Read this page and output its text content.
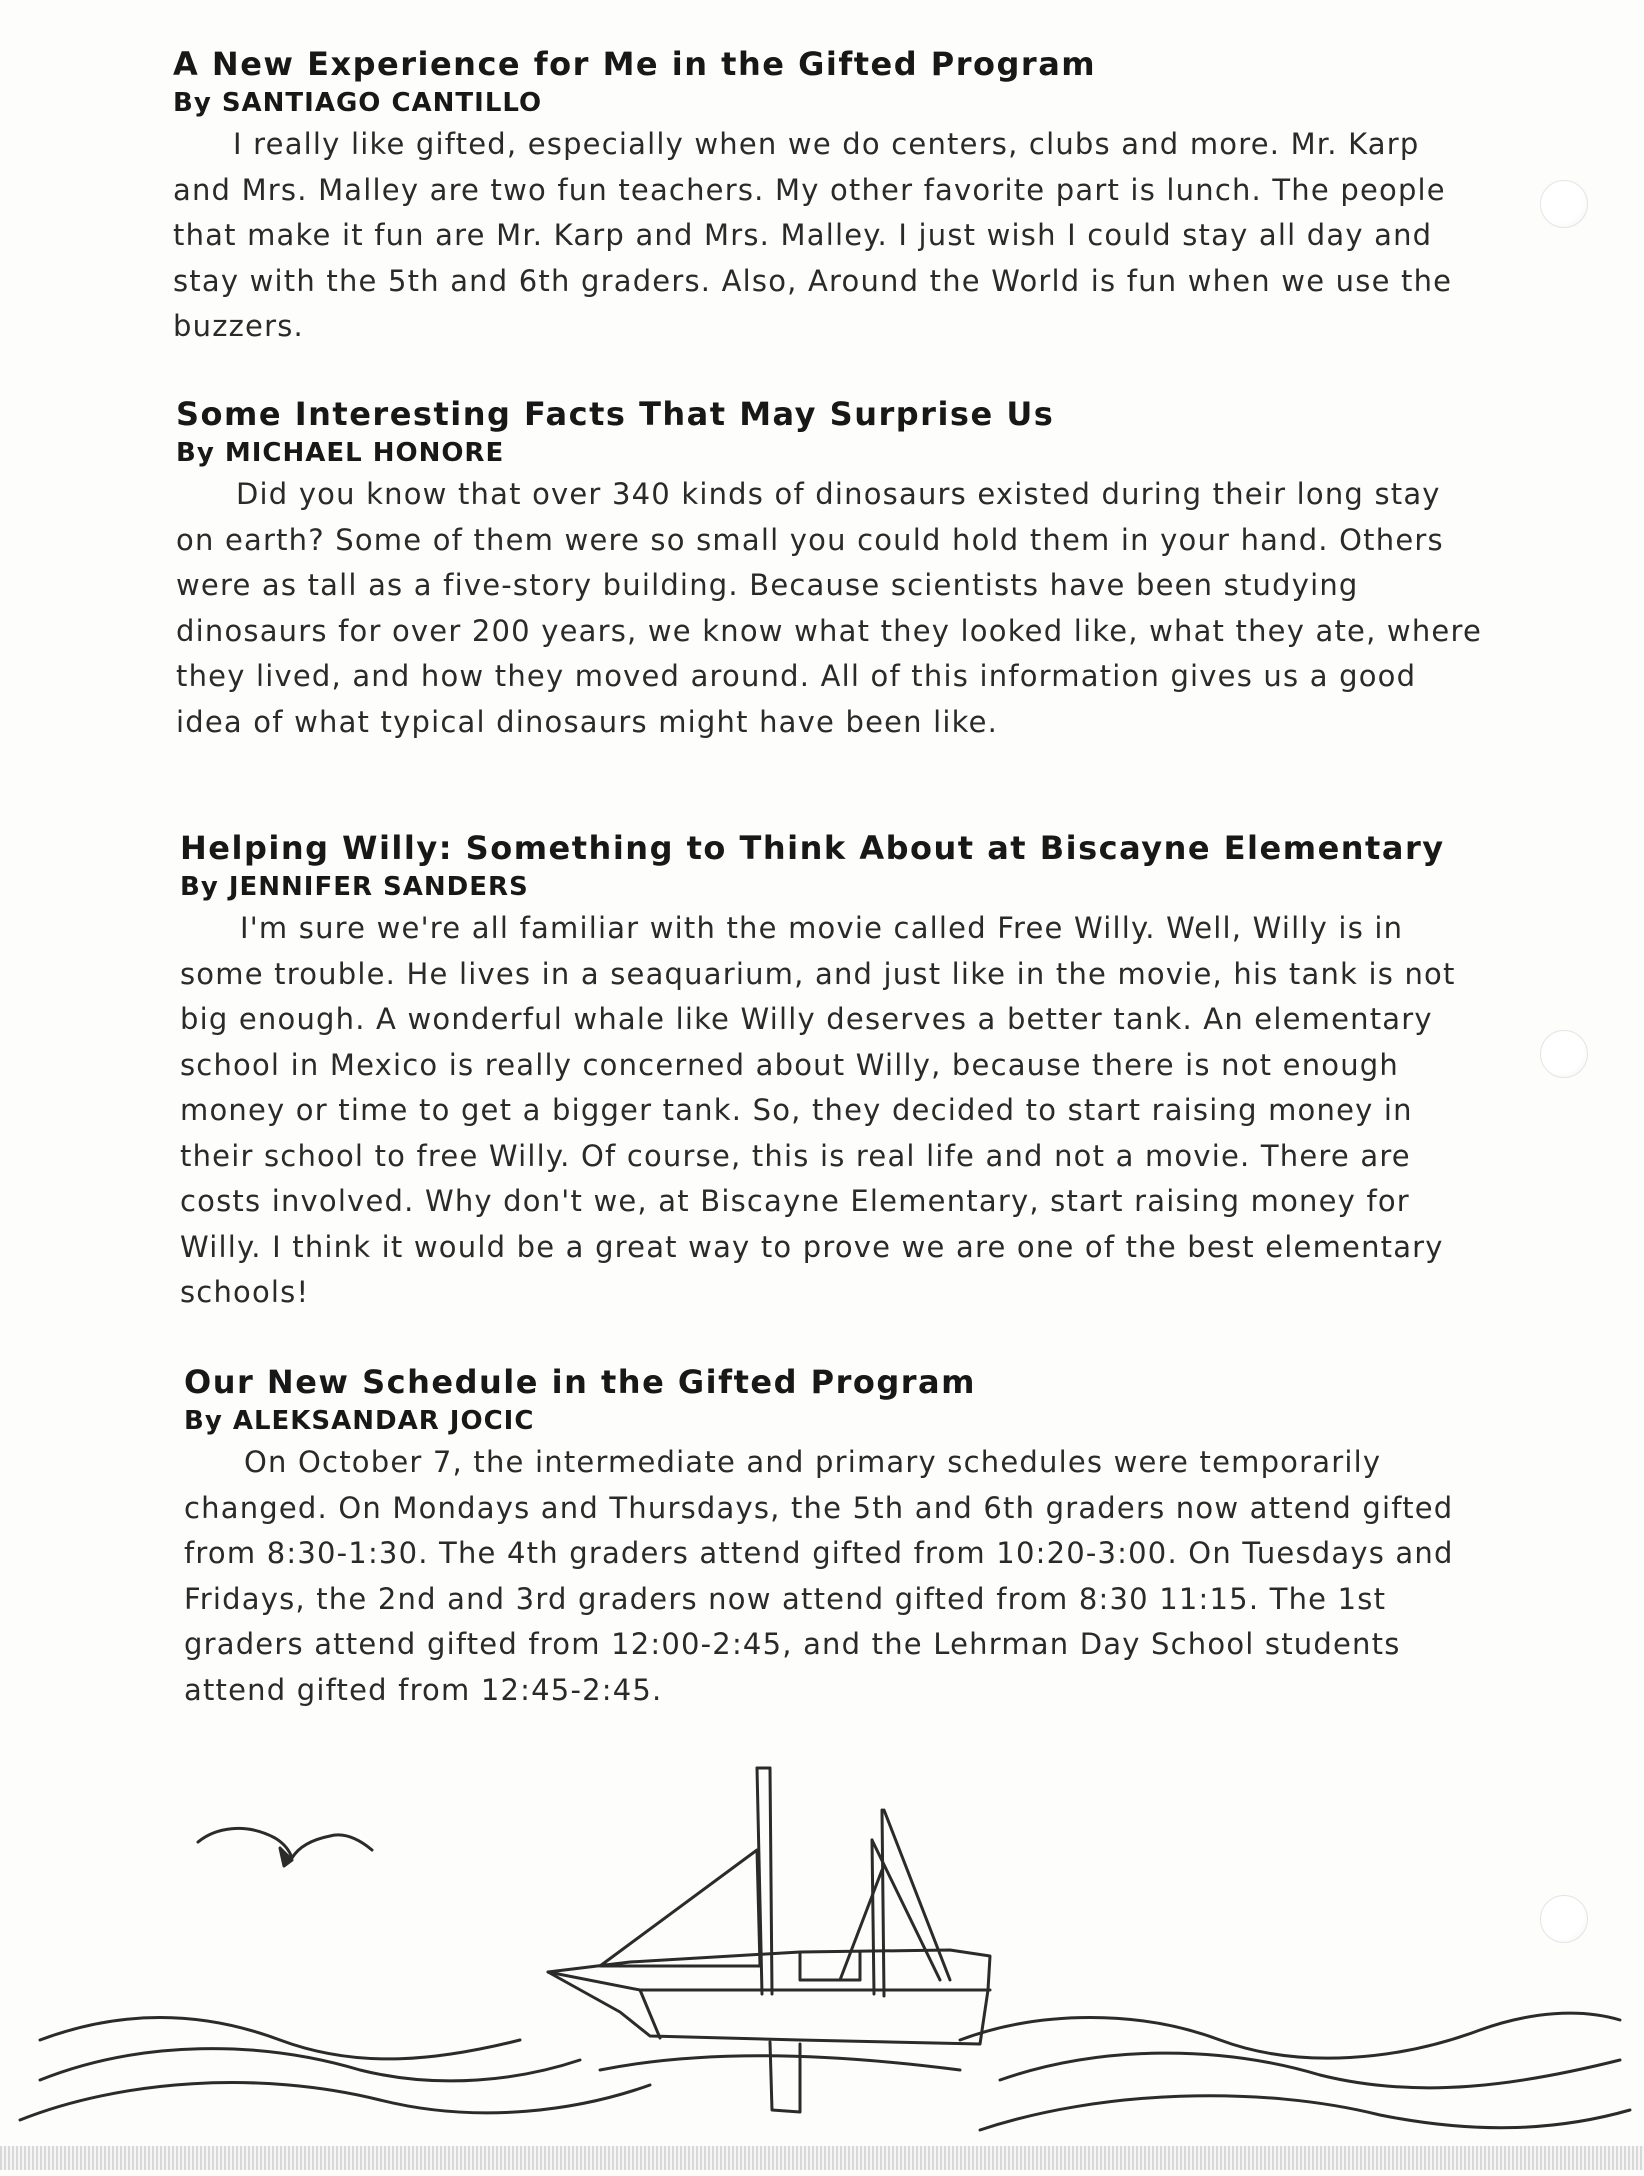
A New Experience for Me in the Gifted Program
By SANTIAGO CANTILLO

I really like gifted, especially when we do centers, clubs and more. Mr. Karp and Mrs. Malley are two fun teachers. My other favorite part is lunch. The people that make it fun are Mr. Karp and Mrs. Malley. I just wish I could stay all day and stay with the 5th and 6th graders. Also, Around the World is fun when we use the buzzers.

Some Interesting Facts That May Surprise Us
By MICHAEL HONORE

Did you know that over 340 kinds of dinosaurs existed during their long stay on earth? Some of them were so small you could hold them in your hand. Others were as tall as a five-story building. Because scientists have been studying dinosaurs for over 200 years, we know what they looked like, what they ate, where they lived, and how they moved around. All of this information gives us a good idea of what typical dinosaurs might have been like.

Helping Willy: Something to Think About at Biscayne Elementary
By JENNIFER SANDERS

I'm sure we're all familiar with the movie called Free Willy. Well, Willy is in some trouble. He lives in a seaquarium, and just like in the movie, his tank is not big enough. A wonderful whale like Willy deserves a better tank. An elementary school in Mexico is really concerned about Willy, because there is not enough money or time to get a bigger tank. So, they decided to start raising money in their school to free Willy. Of course, this is real life and not a movie. There are costs involved. Why don't we, at Biscayne Elementary, start raising money for Willy. I think it would be a great way to prove we are one of the best elementary schools!

Our New Schedule in the Gifted Program
By ALEKSANDAR JOCIC

On October 7, the intermediate and primary schedules were temporarily changed. On Mondays and Thursdays, the 5th and 6th graders now attend gifted from 8:30-1:30. The 4th graders attend gifted from 10:20-3:00. On Tuesdays and Fridays, the 2nd and 3rd graders now attend gifted from 8:30 11:15. The 1st graders attend gifted from 12:00-2:45, and the Lehrman Day School students attend gifted from 12:45-2:45.
